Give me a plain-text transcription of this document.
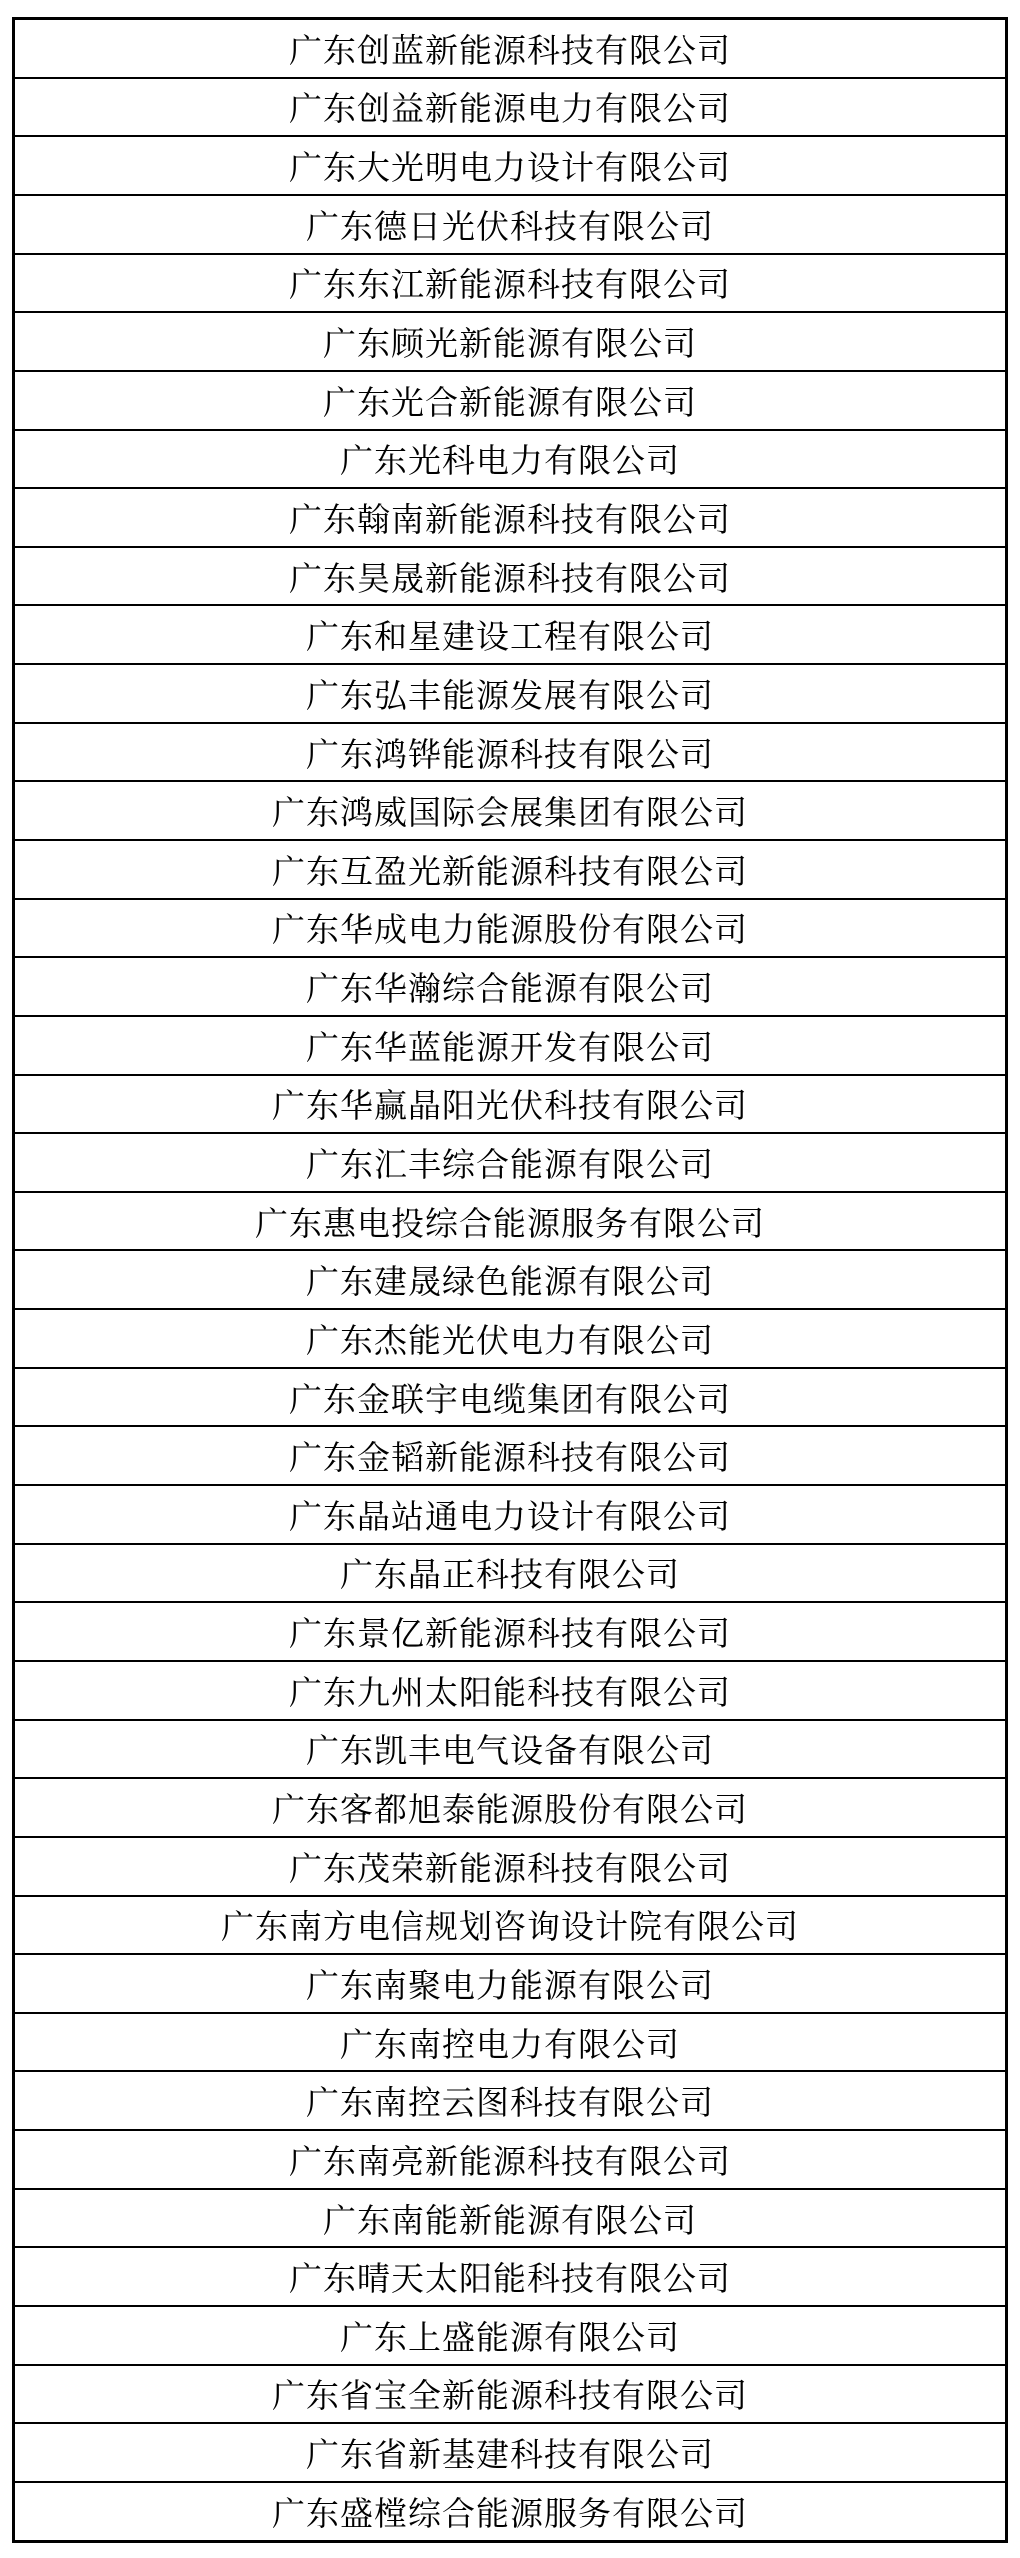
广东创蓝新能源科技有限公司
广东创益新能源电力有限公司
广东大光明电力设计有限公司
广东德日光伏科技有限公司
广东东江新能源科技有限公司
广东顾光新能源有限公司
广东光合新能源有限公司
广东光科电力有限公司
广东翰南新能源科技有限公司
广东昊晟新能源科技有限公司
广东和星建设工程有限公司
广东弘丰能源发展有限公司
广东鸿铧能源科技有限公司
广东鸿威国际会展集团有限公司
广东互盈光新能源科技有限公司
广东华成电力能源股份有限公司
广东华瀚综合能源有限公司
广东华蓝能源开发有限公司
广东华赢晶阳光伏科技有限公司
广东汇丰综合能源有限公司
广东惠电投综合能源服务有限公司
广东建晟绿色能源有限公司
广东杰能光伏电力有限公司
广东金联宇电缆集团有限公司
广东金韬新能源科技有限公司
广东晶站通电力设计有限公司
广东晶正科技有限公司
广东景亿新能源科技有限公司
广东九州太阳能科技有限公司
广东凯丰电气设备有限公司
广东客都旭泰能源股份有限公司
广东茂荣新能源科技有限公司
广东南方电信规划咨询设计院有限公司
广东南聚电力能源有限公司
广东南控电力有限公司
广东南控云图科技有限公司
广东南亮新能源科技有限公司
广东南能新能源有限公司
广东晴天太阳能科技有限公司
广东上盛能源有限公司
广东省宝全新能源科技有限公司
广东省新基建科技有限公司
广东盛樘综合能源服务有限公司
